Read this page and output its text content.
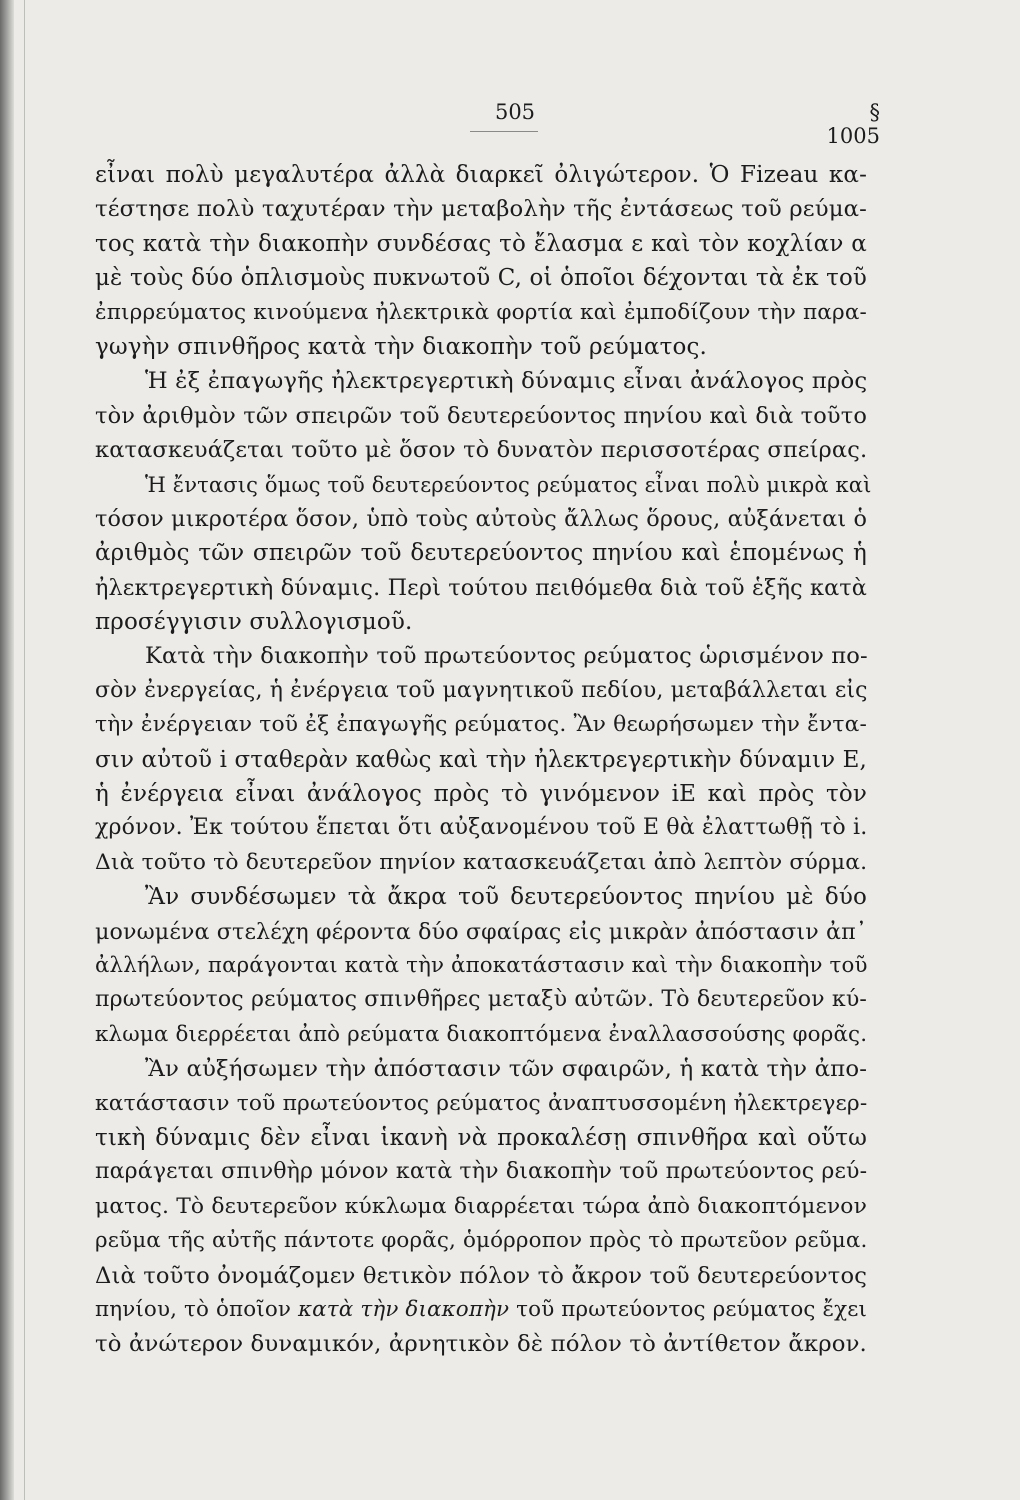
505	§ 1005
εἶναι πολὺ μεγαλυτέρα ἀλλὰ διαρκεῖ ὀλιγώτερον. Ὁ Fizeau κα-
τέστησε πολὺ ταχυτέραν τὴν μεταβολὴν τῆς ἐντάσεως τοῦ ρεύμα-
τος κατὰ τὴν διακοπὴν συνδέσας τὸ ἔλασμα ε καὶ τὸν κοχλίαν α
μὲ τοὺς δύο ὁπλισμοὺς πυκνωτοῦ C, οἱ ὁποῖοι δέχονται τὰ ἐκ τοῦ
ἐπιρρεύματος κινούμενα ἠλεκτρικὰ φορτία καὶ ἐμποδίζουν τὴν παρα-
γωγὴν σπινθῆρος κατὰ τὴν διακοπὴν τοῦ ρεύματος.
Ἡ ἐξ ἐπαγωγῆς ἠλεκτρεγερτικὴ δύναμις εἶναι ἀνάλογος πρὸς
τὸν ἀριθμὸν τῶν σπειρῶν τοῦ δευτερεύοντος πηνίου καὶ διὰ τοῦτο
κατασκευάζεται τοῦτο μὲ ὅσον τὸ δυνατὸν περισσοτέρας σπείρας.
Ἡ ἔντασις ὅμως τοῦ δευτερεύοντος ρεύματος εἶναι πολὺ μικρὰ καὶ
τόσον μικροτέρα ὅσον, ὑπὸ τοὺς αὐτοὺς ἄλλως ὅρους, αὐξάνεται ὁ
ἀριθμὸς τῶν σπειρῶν τοῦ δευτερεύοντος πηνίου καὶ ἑπομένως ἡ
ἠλεκτρεγερτικὴ δύναμις. Περὶ τούτου πειθόμεθα διὰ τοῦ ἑξῆς κατὰ
προσέγγισιν συλλογισμοῦ.
Κατὰ τὴν διακοπὴν τοῦ πρωτεύοντος ρεύματος ὡρισμένον πο-
σὸν ἐνεργείας, ἡ ἐνέργεια τοῦ μαγνητικοῦ πεδίου, μεταβάλλεται εἰς
τὴν ἐνέργειαν τοῦ ἐξ ἐπαγωγῆς ρεύματος. Ἂν θεωρήσωμεν τὴν ἔντα-
σιν αὐτοῦ i σταθερὰν καθὼς καὶ τὴν ἠλεκτρεγερτικὴν δύναμιν Ε,
ἡ ἐνέργεια εἶναι ἀνάλογος πρὸς τὸ γινόμενον iΕ καὶ πρὸς τὸν
χρόνον. Ἐκ τούτου ἕπεται ὅτι αὐξανομένου τοῦ Ε θὰ ἐλαττωθῇ τὸ i.
Διὰ τοῦτο τὸ δευτερεῦον πηνίον κατασκευάζεται ἀπὸ λεπτὸν σύρμα.
Ἂν συνδέσωμεν τὰ ἄκρα τοῦ δευτερεύοντος πηνίου μὲ δύο
μονωμένα στελέχη φέροντα δύο σφαίρας εἰς μικρὰν ἀπόστασιν ἀπ᾽
ἀλλήλων, παράγονται κατὰ τὴν ἀποκατάστασιν καὶ τὴν διακοπὴν τοῦ
πρωτεύοντος ρεύματος σπινθῆρες μεταξὺ αὐτῶν. Τὸ δευτερεῦον κύ-
κλωμα διερρέεται ἀπὸ ρεύματα διακοπτόμενα ἐναλλασσούσης φορᾶς.
Ἂν αὐξήσωμεν τὴν ἀπόστασιν τῶν σφαιρῶν, ἡ κατὰ τὴν ἀπο-
κατάστασιν τοῦ πρωτεύοντος ρεύματος ἀναπτυσσομένη ἠλεκτρεγερ-
τικὴ δύναμις δὲν εἶναι ἱκανὴ νὰ προκαλέσῃ σπινθῆρα καὶ οὕτω
παράγεται σπινθὴρ μόνον κατὰ τὴν διακοπὴν τοῦ πρωτεύοντος ρεύ-
ματος. Τὸ δευτερεῦον κύκλωμα διαρρέεται τώρα ἀπὸ διακοπτόμενον
ρεῦμα τῆς αὐτῆς πάντοτε φορᾶς, ὁμόρροπον πρὸς τὸ πρωτεῦον ρεῦμα.
Διὰ τοῦτο ὀνομάζομεν θετικὸν πόλον τὸ ἄκρον τοῦ δευτερεύοντος
πηνίου, τὸ ὁποῖον κατὰ τὴν διακοπὴν τοῦ πρωτεύοντος ρεύματος ἔχει
τὸ ἀνώτερον δυναμικόν, ἀρνητικὸν δὲ πόλον τὸ ἀντίθετον ἄκρον.
